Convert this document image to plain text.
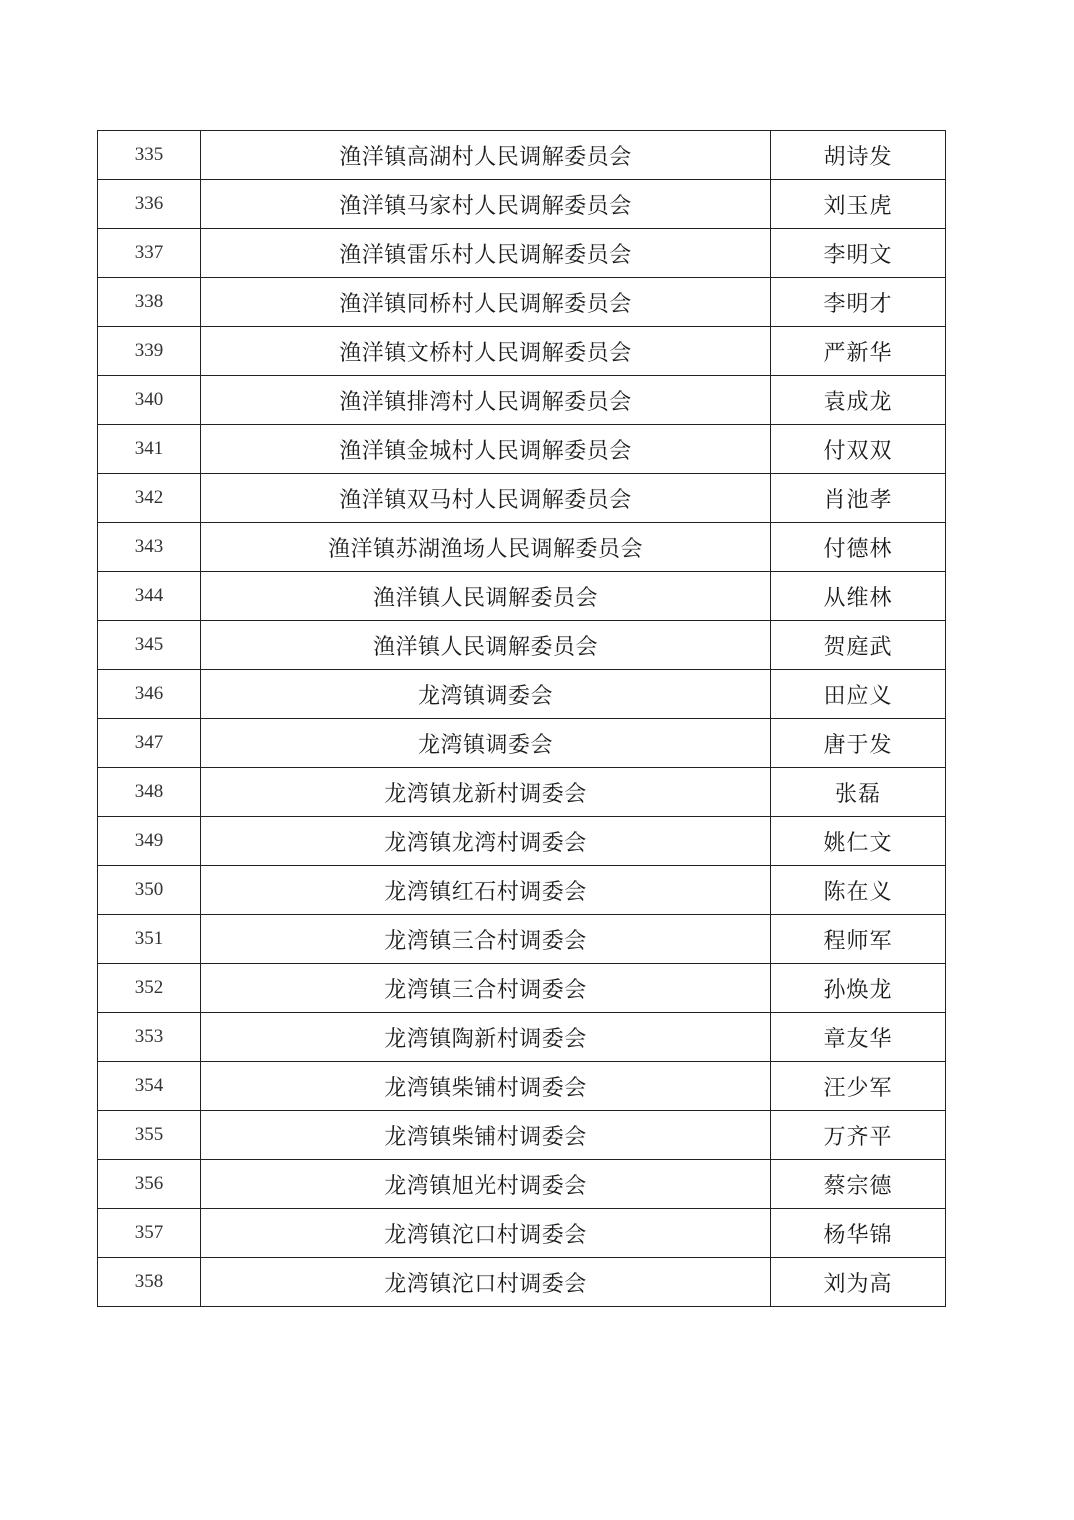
335	渔洋镇高湖村人民调解委员会	胡诗发
336	渔洋镇马家村人民调解委员会	刘玉虎
337	渔洋镇雷乐村人民调解委员会	李明文
338	渔洋镇同桥村人民调解委员会	李明才
339	渔洋镇文桥村人民调解委员会	严新华
340	渔洋镇排湾村人民调解委员会	袁成龙
341	渔洋镇金城村人民调解委员会	付双双
342	渔洋镇双马村人民调解委员会	肖池孝
343	渔洋镇苏湖渔场人民调解委员会	付德林
344	渔洋镇人民调解委员会	从维林
345	渔洋镇人民调解委员会	贺庭武
346	龙湾镇调委会	田应义
347	龙湾镇调委会	唐于发
348	龙湾镇龙新村调委会	张磊
349	龙湾镇龙湾村调委会	姚仁文
350	龙湾镇红石村调委会	陈在义
351	龙湾镇三合村调委会	程师军
352	龙湾镇三合村调委会	孙焕龙
353	龙湾镇陶新村调委会	章友华
354	龙湾镇柴铺村调委会	汪少军
355	龙湾镇柴铺村调委会	万齐平
356	龙湾镇旭光村调委会	蔡宗德
357	龙湾镇沱口村调委会	杨华锦
358	龙湾镇沱口村调委会	刘为高
